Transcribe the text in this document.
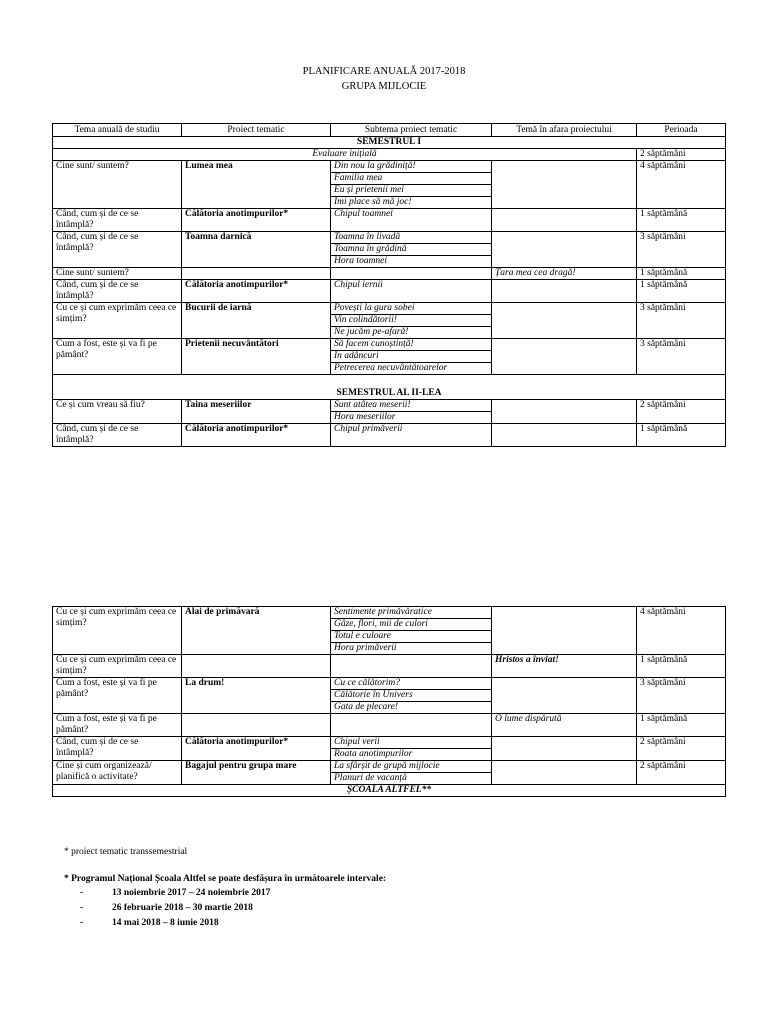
PLANIFICARE ANUALĂ 2017-2018
GRUPA MIJLOCIE
Tema anuală de studiu	Proiect tematic	Subtema proiect tematic	Temă în afara proiectului	Perioada
SEMESTRUL I				
Evaluare inițială				2 săptămâni
Cine sunt/ suntem?	Lumea mea	Din nou la grădiniță!		4 săptămâni
		Familia mea		
		Eu și prietenii mei		
		Îmi place să mă joc!		
Când, cum și de ce se întâmplă?	Călătoria anotimpurilor*	Chipul toamnei		1 săptămână
Când, cum și de ce se întâmplă?	Toamna darnică	Toamna în livadă		3 săptămâni
		Toamna în grădină		
		Hora toamnei		
Cine sunt/ suntem?			Țara mea cea dragă!	1 săptămână
Când, cum și de ce se întâmplă?	Călătoria anotimpurilor*	Chipul iernii		1 săptămână
Cu ce și cum exprimăm ceea ce simțim?	Bucurii de iarnă	Povești la gura sobei		3 săptămâni
		Vin colindătorii!		
		Ne jucăm pe-afară!		
Cum a fost, este și va fi pe pământ?	Prietenii necuvântători	Să facem cunoștință!		3 săptămâni
		În adâncuri		
		Petrecerea necuvântătoarelor		
SEMESTRUL AL II-LEA				
Ce și cum vreau să fiu?	Taina meseriilor	Sunt atâtea meserii!		2 săptămâni
		Hora meseriilor		
Când, cum și de ce se întâmplă?	Călătoria anotimpurilor*	Chipul primăverii		1 săptămână
Cu ce și cum exprimăm ceea ce simțim?	Alai de primăvară	Sentimente primăvăratice		4 săptămâni
		Gâze, flori, mii de culori		
		Totul e culoare		
		Hora primăverii		
Cu ce și cum exprimăm ceea ce simțim?			Hristos a înviat!	1 săptămână
Cum a fost, este și va fi pe pământ?	La drum!	Cu ce călătorim?		3 săptămâni
		Călătorie în Univers		
		Gata de plecare!		
Cum a fost, este și va fi pe pământ?			O lume dispărută	1 săptămână
Când, cum și de ce se întâmplă?	Călătoria anotimpurilor*	Chipul verii		2 săptămâni
		Roata anotimpurilor		
Cine și cum organizează/ planifică o activitate?	Bagajul pentru grupa mare	La sfârșit de grupă mijlocie		2 săptămâni
		Planuri de vacanță		
ȘCOALA ALTFEL**				
* proiect tematic transsemestrial
* Programul Național Școala Altfel se poate desfășura în următoarele intervale:
-	13 noiembrie 2017 – 24 noiembrie 2017
-	26 februarie 2018 – 30 martie 2018
-	14 mai 2018 – 8 iunie 2018
